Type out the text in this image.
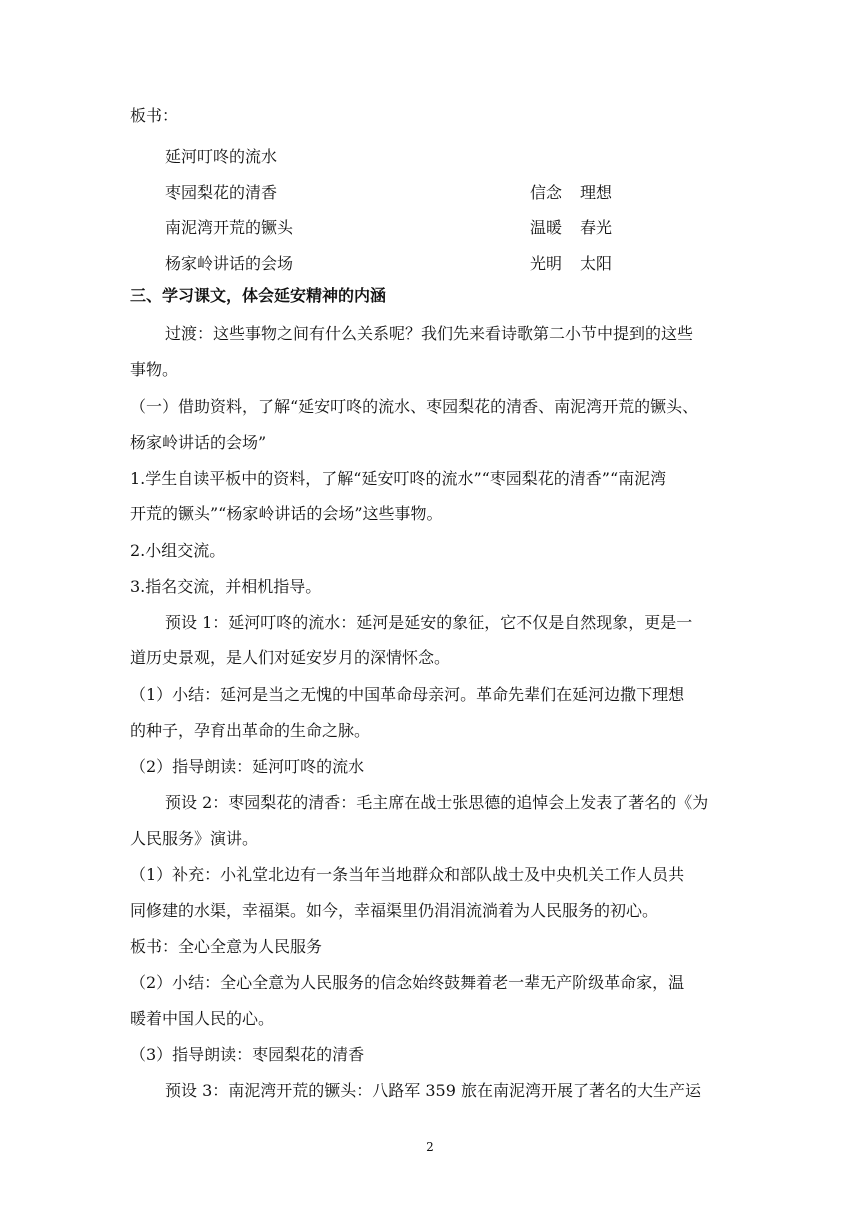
板书：
延河叮咚的流水
枣园梨花的清香	信念 理想
南泥湾开荒的镢头	温暖 春光
杨家岭讲话的会场	光明 太阳
三、学习课文，体会延安精神的内涵
过渡：这些事物之间有什么关系呢？我们先来看诗歌第二小节中提到的这些
事物。
（一）借助资料，了解“延安叮咚的流水、枣园梨花的清香、南泥湾开荒的镢头、
杨家岭讲话的会场”
1.学生自读平板中的资料，了解“延安叮咚的流水”“枣园梨花的清香”“南泥湾
开荒的镢头”“杨家岭讲话的会场”这些事物。
2.小组交流。
3.指名交流，并相机指导。
预设 1：延河叮咚的流水：延河是延安的象征，它不仅是自然现象，更是一
道历史景观，是人们对延安岁月的深情怀念。
（1）小结：延河是当之无愧的中国革命母亲河。革命先辈们在延河边撒下理想
的种子，孕育出革命的生命之脉。
（2）指导朗读：延河叮咚的流水
预设 2：枣园梨花的清香：毛主席在战士张思德的追悼会上发表了著名的《为
人民服务》演讲。
（1）补充：小礼堂北边有一条当年当地群众和部队战士及中央机关工作人员共
同修建的水渠，幸福渠。如今，幸福渠里仍涓涓流淌着为人民服务的初心。
板书：全心全意为人民服务
（2）小结：全心全意为人民服务的信念始终鼓舞着老一辈无产阶级革命家，温
暖着中国人民的心。
（3）指导朗读：枣园梨花的清香
预设 3：南泥湾开荒的镢头：八路军 359 旅在南泥湾开展了著名的大生产运
2
